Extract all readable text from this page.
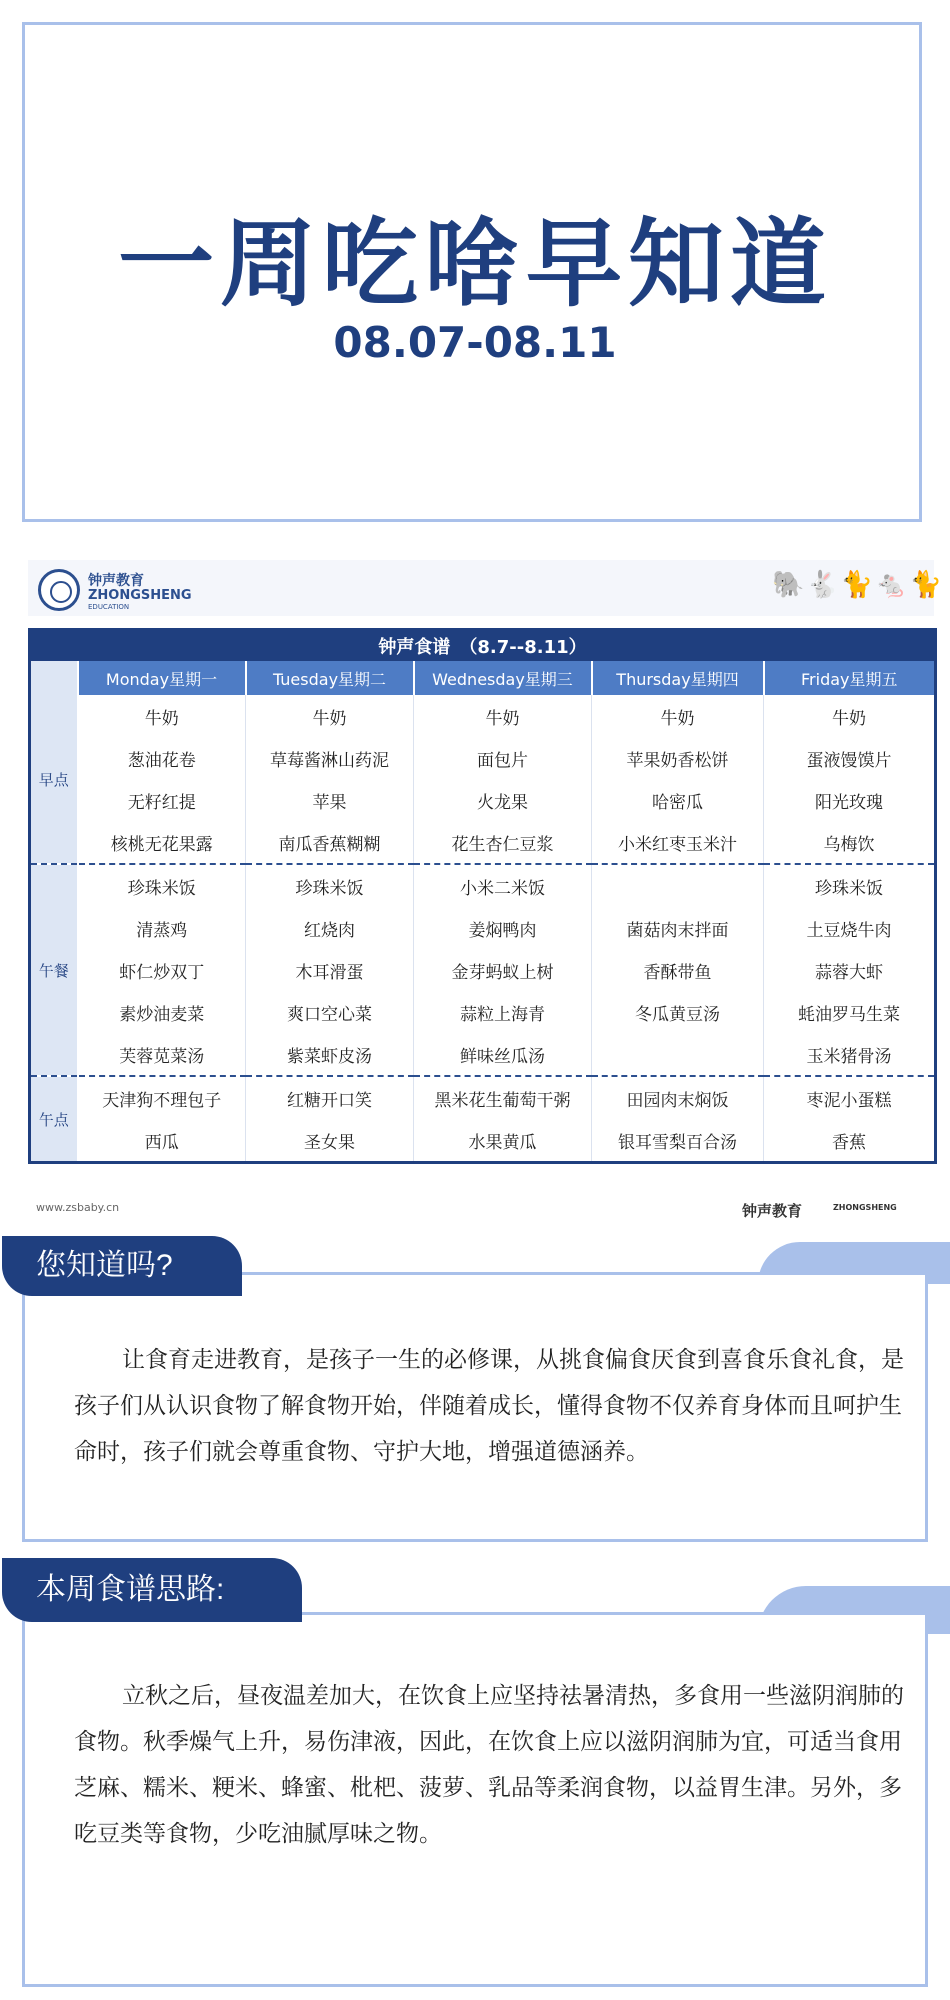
一周吃啥早知道
08.07-08.11
钟声教育
ZHONGSHENG
EDUCATION
🐘🐇🐈🐁🐈
钟声食谱　（8.7--8.11）					
	Monday星期一	Tuesday星期二	Wednesday星期三	Thursday星期四	Friday星期五
早点	牛奶	牛奶	牛奶	牛奶	牛奶
	葱油花卷	草莓酱淋山药泥	面包片	苹果奶香松饼	蛋液馒馍片
	无籽红提	苹果	火龙果	哈密瓜	阳光玫瑰
	核桃无花果露	南瓜香蕉糊糊	花生杏仁豆浆	小米红枣玉米汁	乌梅饮
午餐	珍珠米饭	珍珠米饭	小米二米饭		珍珠米饭
	清蒸鸡	红烧肉	姜焖鸭肉	菌菇肉末拌面	土豆烧牛肉
	虾仁炒双丁	木耳滑蛋	金芽蚂蚁上树	香酥带鱼	蒜蓉大虾
	素炒油麦菜	爽口空心菜	蒜粒上海青	冬瓜黄豆汤	蚝油罗马生菜
	芙蓉苋菜汤	紫菜虾皮汤	鲜味丝瓜汤		玉米猪骨汤
午点	天津狗不理包子	红糖开口笑	黑米花生葡萄干粥	田园肉末焖饭	枣泥小蛋糕
	西瓜	圣女果	水果黄瓜	银耳雪梨百合汤	香蕉
www.zsbaby.cn	钟声教育	ZHONGSHENG
您知道吗?
让食育走进教育，是孩子一生的必修课，从挑食偏食厌食到喜食乐食礼食，是孩子们从认识食物了解食物开始，伴随着成长，懂得食物不仅养育身体而且呵护生命时，孩子们就会尊重食物、守护大地，增强道德涵养。
本周食谱思路:
立秋之后，昼夜温差加大，在饮食上应坚持祛暑清热，多食用一些滋阴润肺的食物。秋季燥气上升，易伤津液，因此，在饮食上应以滋阴润肺为宜，可适当食用芝麻、糯米、粳米、蜂蜜、枇杷、菠萝、乳品等柔润食物，以益胃生津。另外，多吃豆类等食物，少吃油腻厚味之物。
